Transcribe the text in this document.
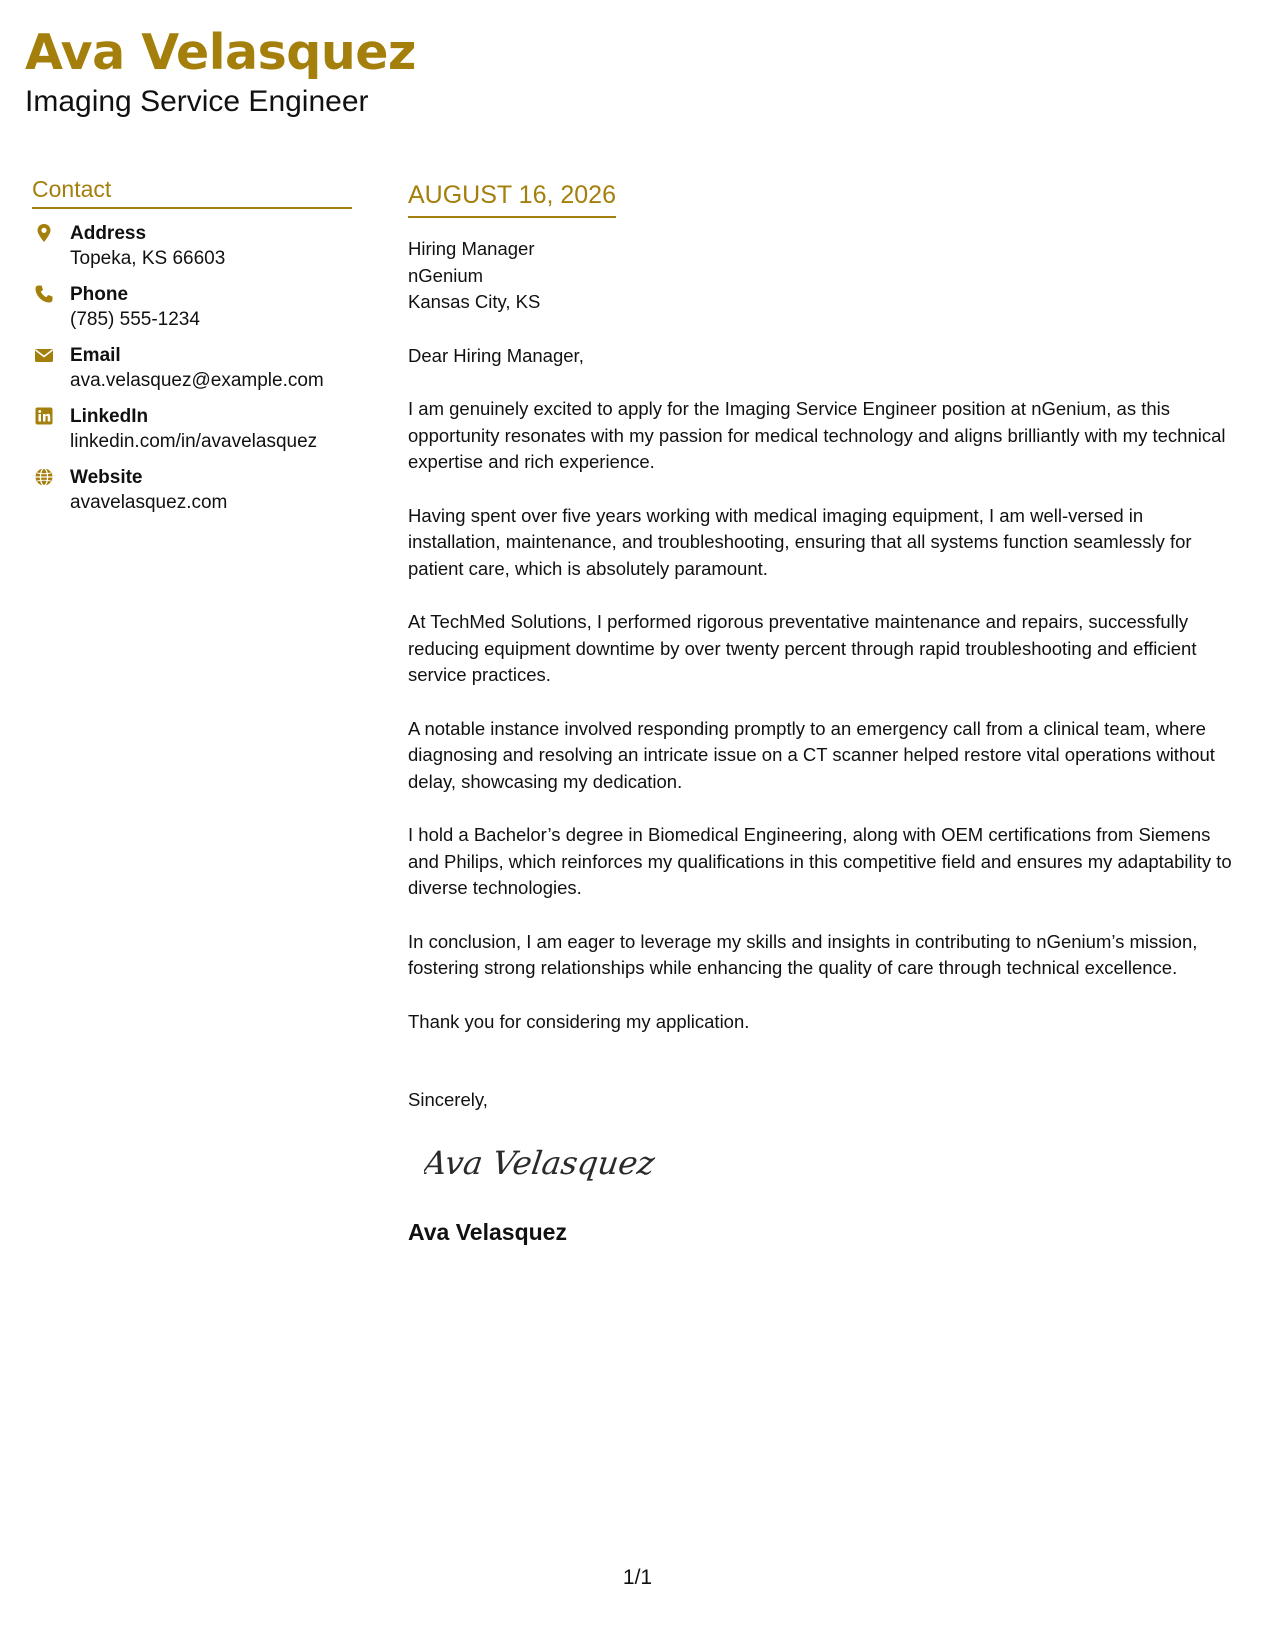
Ava Velasquez
Imaging Service Engineer
Contact
Address
Topeka, KS 66603
Phone
(785) 555-1234
Email
ava.velasquez@example.com
LinkedIn
linkedin.com/in/avavelasquez
Website
avavelasquez.com
AUGUST 16, 2026
Hiring Manager
nGenium
Kansas City, KS
Dear Hiring Manager,
I am genuinely excited to apply for the Imaging Service Engineer position at nGenium, as this opportunity resonates with my passion for medical technology and aligns brilliantly with my technical expertise and rich experience.
Having spent over five years working with medical imaging equipment, I am well-versed in installation, maintenance, and troubleshooting, ensuring that all systems function seamlessly for patient care, which is absolutely paramount.
At TechMed Solutions, I performed rigorous preventative maintenance and repairs, successfully reducing equipment downtime by over twenty percent through rapid troubleshooting and efficient service practices.
A notable instance involved responding promptly to an emergency call from a clinical team, where diagnosing and resolving an intricate issue on a CT scanner helped restore vital operations without delay, showcasing my dedication.
I hold a Bachelor’s degree in Biomedical Engineering, along with OEM certifications from Siemens and Philips, which reinforces my qualifications in this competitive field and ensures my adaptability to diverse technologies.
In conclusion, I am eager to leverage my skills and insights in contributing to nGenium’s mission, fostering strong relationships while enhancing the quality of care through technical excellence.
Thank you for considering my application.
Sincerely,
Ava Velasquez
Ava Velasquez
1/1
